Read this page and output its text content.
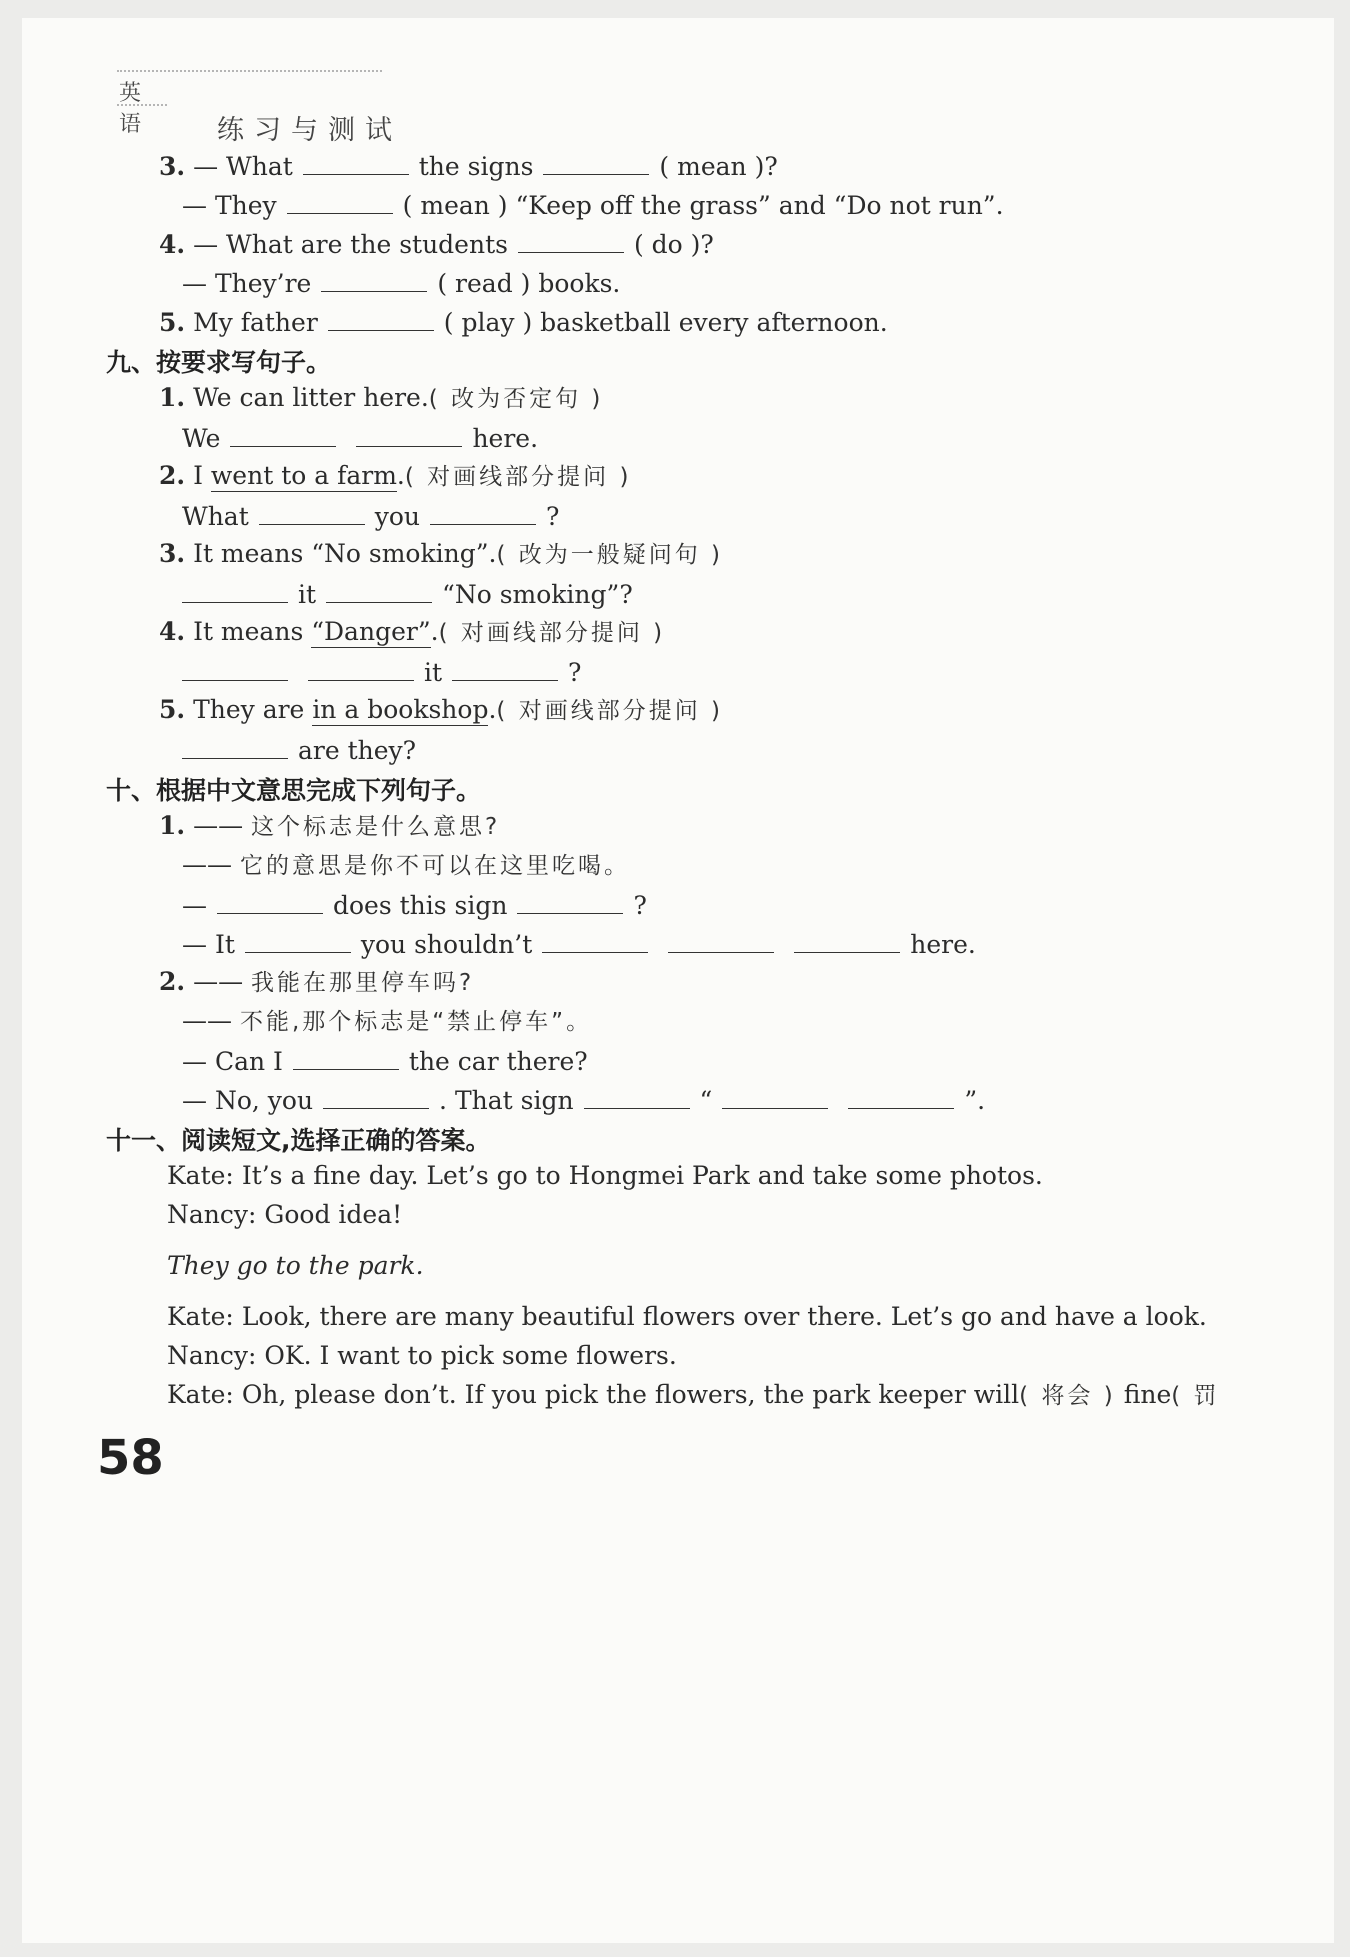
英语	练习与测试
3. — What	the signs	( mean )?
— They	( mean ) “Keep off the grass” and “Do not run”.
4. — What are the students	( do )?
— They’re	( read ) books.
5. My father	( play ) basketball every afternoon.
九、按要求写句子。
1. We can litter here.( 改为否定句 )
We	here.
2. I went to a farm.( 对画线部分提问 )
What	you	?
3. It means “No smoking”.( 改为一般疑问句 )
it	“No smoking”?
4. It means “Danger”.( 对画线部分提问 )
it	?
5. They are in a bookshop.( 对画线部分提问 )
are they?
十、根据中文意思完成下列句子。
1. —— 这个标志是什么意思?
—— 它的意思是你不可以在这里吃喝。
—	does this sign	?
— It	you shouldn’t	here.
2. —— 我能在那里停车吗?
—— 不能,那个标志是“禁止停车”。
— Can I	the car there?
— No, you	. That sign	“	”.
十一、阅读短文,选择正确的答案。
Kate: It’s a fine day. Let’s go to Hongmei Park and take some photos.
Nancy: Good idea!
They go to the park.
Kate: Look, there are many beautiful flowers over there. Let’s go and have a look.
Nancy: OK. I want to pick some flowers.
Kate: Oh, please don’t. If you pick the flowers, the park keeper will( 将会 ) fine( 罚
58
